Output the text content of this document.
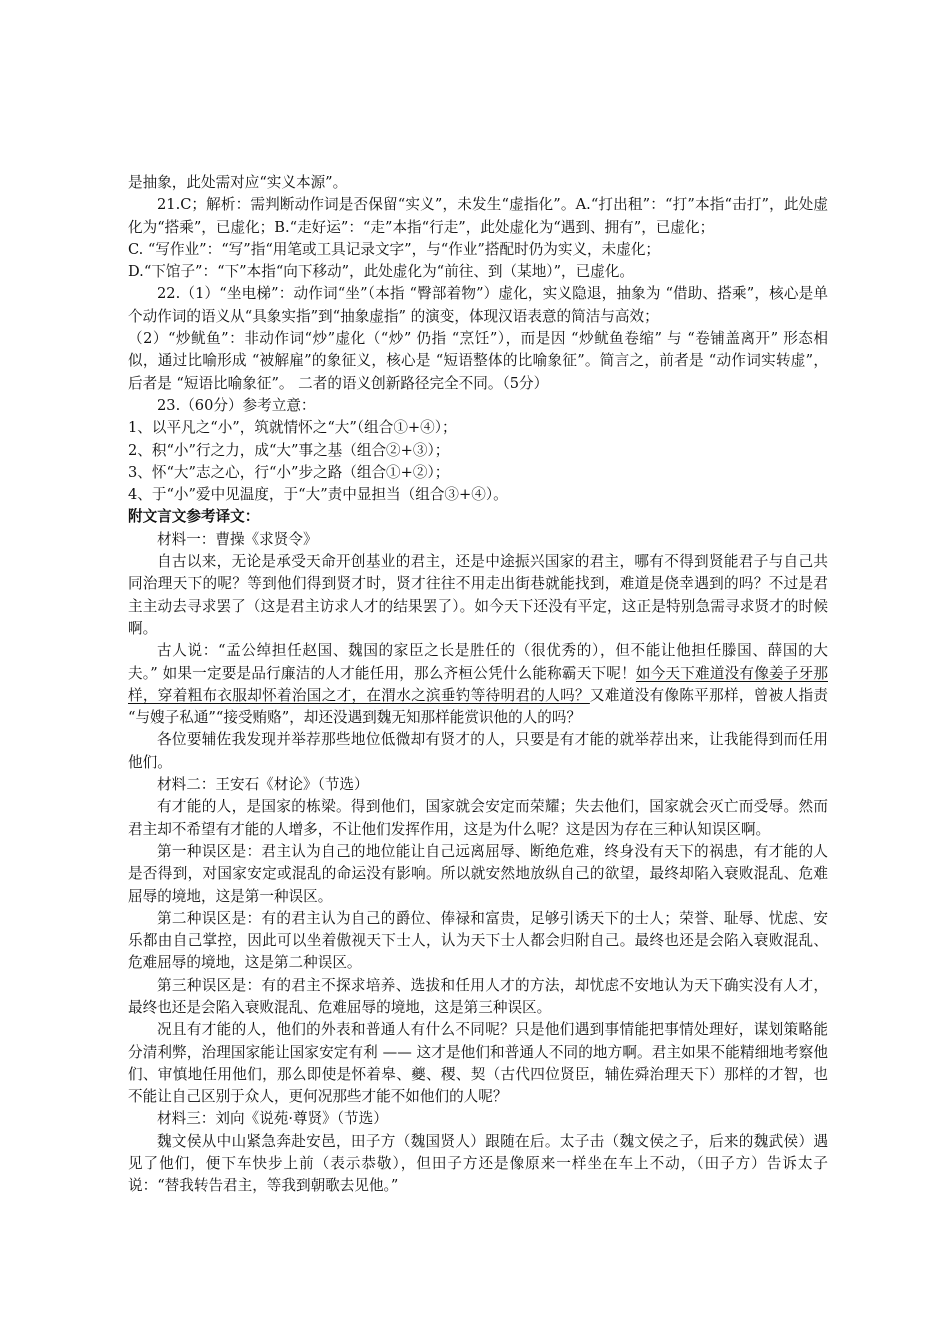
是抽象，此处需对应“实义本源”。

21.C；解析：需判断动作词是否保留“实义”，未发生“虚指化”。A.“打出租”：“打”本指“击打”，此处虚化为“搭乘”，已虚化；B.“走好运”：“走”本指“行走”，此处虚化为“遇到、拥有”，已虚化；

C. “写作业”：“写”指“用笔或工具记录文字”，与“作业”搭配时仍为实义，未虚化；

D.“下馆子”：“下”本指“向下移动”，此处虚化为“前往、到（某地）”，已虚化。

22.（1）“坐电梯”：动作词“坐”（本指 “臀部着物”）虚化，实义隐退，抽象为 “借助、搭乘”，核心是单个动作词的语义从“具象实指”到“抽象虚指” 的演变，体现汉语表意的简洁与高效；

（2）“炒鱿鱼”：非动作词“炒”虚化（“炒” 仍指 “烹饪”），而是因 “炒鱿鱼卷缩” 与 “卷铺盖离开” 形态相似，通过比喻形成 “被解雇”的象征义，核心是 “短语整体的比喻象征”。简言之，前者是 “动作词实转虚”，后者是 “短语比喻象征”。 二者的语义创新路径完全不同。（5分）

23.（60分）参考立意：

1、以平凡之“小”，筑就情怀之“大”（组合①+④）；

2、积“小”行之力，成“大”事之基（组合②+③）；

3、怀“大”志之心，行“小”步之路（组合①+②）；

4、于“小”爱中见温度，于“大”责中显担当（组合③+④）。

附文言文参考译文：

材料一：曹操《求贤令》

自古以来，无论是承受天命开创基业的君主，还是中途振兴国家的君主，哪有不得到贤能君子与自己共同治理天下的呢？等到他们得到贤才时，贤才往往不用走出街巷就能找到，难道是侥幸遇到的吗？不过是君主主动去寻求罢了（这是君主访求人才的结果罢了）。如今天下还没有平定，这正是特别急需寻求贤才的时候啊。

古人说：“孟公绰担任赵国、魏国的家臣之长是胜任的（很优秀的），但不能让他担任滕国、薛国的大夫。” 如果一定要是品行廉洁的人才能任用，那么齐桓公凭什么能称霸天下呢！如今天下难道没有像姜子牙那样，穿着粗布衣服却怀着治国之才，在渭水之滨垂钓等待明君的人吗？又难道没有像陈平那样，曾被人指责 “与嫂子私通”“接受贿赂”，却还没遇到魏无知那样能赏识他的人的吗？

各位要辅佐我发现并举荐那些地位低微却有贤才的人，只要是有才能的就举荐出来，让我能得到而任用他们。

材料二：王安石《材论》（节选）

有才能的人，是国家的栋梁。得到他们，国家就会安定而荣耀；失去他们，国家就会灭亡而受辱。然而君主却不希望有才能的人增多，不让他们发挥作用，这是为什么呢？这是因为存在三种认知误区啊。

第一种误区是：君主认为自己的地位能让自己远离屈辱、断绝危难，终身没有天下的祸患，有才能的人是否得到，对国家安定或混乱的命运没有影响。所以就安然地放纵自己的欲望，最终却陷入衰败混乱、危难屈辱的境地，这是第一种误区。

第二种误区是：有的君主认为自己的爵位、俸禄和富贵，足够引诱天下的士人；荣誉、耻辱、忧虑、安乐都由自己掌控，因此可以坐着傲视天下士人，认为天下士人都会归附自己。最终也还是会陷入衰败混乱、危难屈辱的境地，这是第二种误区。

第三种误区是：有的君主不探求培养、选拔和任用人才的方法，却忧虑不安地认为天下确实没有人才，最终也还是会陷入衰败混乱、危难屈辱的境地，这是第三种误区。

况且有才能的人，他们的外表和普通人有什么不同呢？只是他们遇到事情能把事情处理好，谋划策略能分清利弊，治理国家能让国家安定有利 —— 这才是他们和普通人不同的地方啊。君主如果不能精细地考察他们、审慎地任用他们，那么即使是怀着皋、夔、稷、契（古代四位贤臣，辅佐舜治理天下）那样的才智，也不能让自己区别于众人，更何况那些才能不如他们的人呢？

材料三：刘向《说苑·尊贤》（节选）

魏文侯从中山紧急奔赴安邑，田子方（魏国贤人）跟随在后。太子击（魏文侯之子，后来的魏武侯）遇见了他们，便下车快步上前（表示恭敬），但田子方还是像原来一样坐在车上不动，（田子方）告诉太子说：“替我转告君主，等我到朝歌去见他。”
